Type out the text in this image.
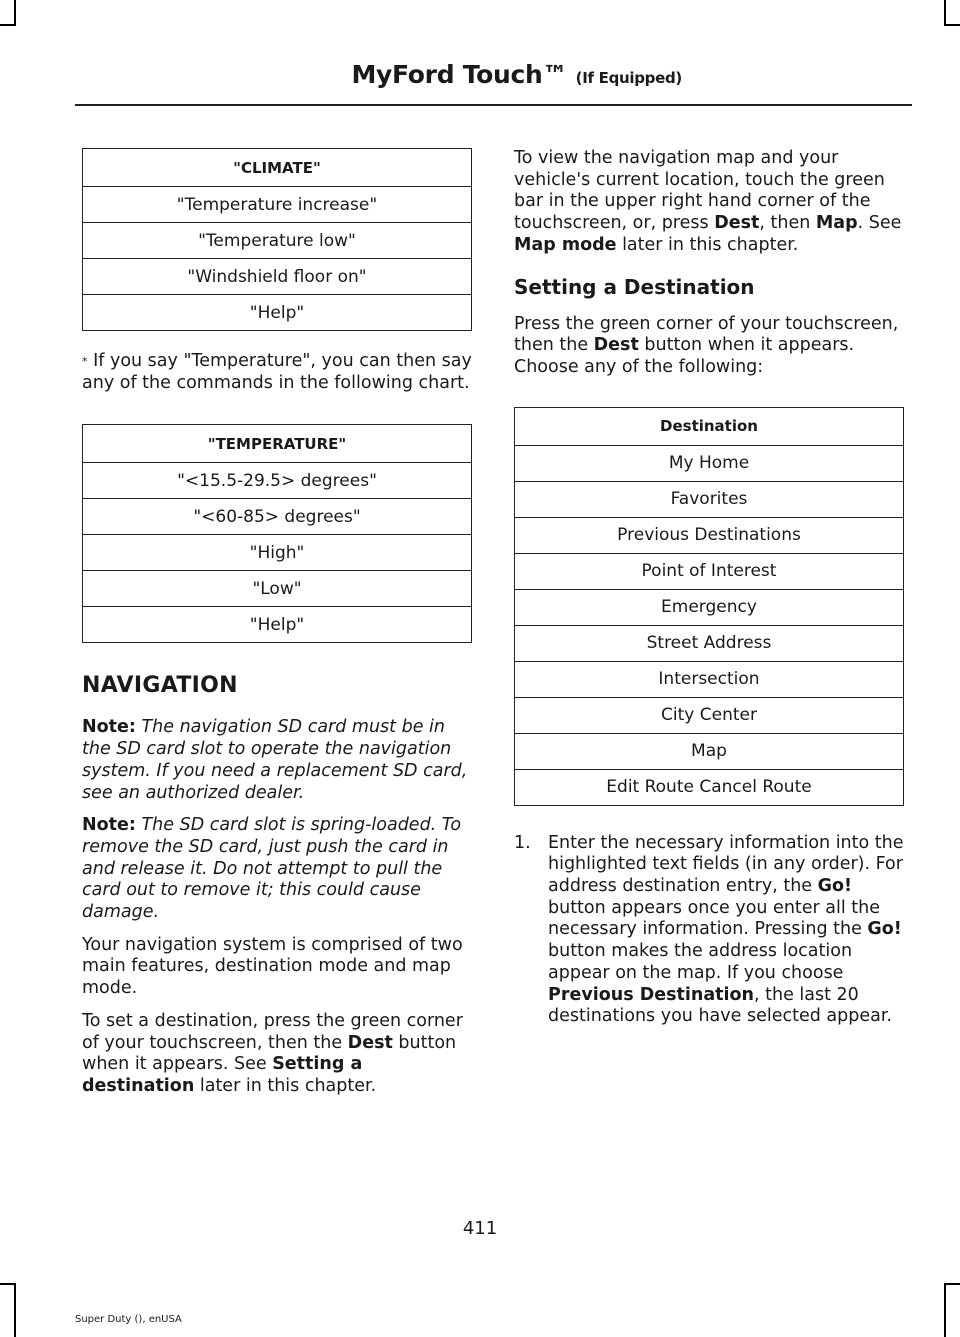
MyFord Touch™ (If Equipped)
"CLIMATE"
"Temperature increase"
"Temperature low"
"Windshield floor on"
"Help"

* If you say "Temperature", you can then say any of the commands in the following chart.

"TEMPERATURE"
"<15.5-29.5> degrees"
"<60-85> degrees"
"High"
"Low"
"Help"
NAVIGATION

Note: The navigation SD card must be in the SD card slot to operate the navigation system. If you need a replacement SD card, see an authorized dealer.

Note: The SD card slot is spring-loaded. To remove the SD card, just push the card in and release it. Do not attempt to pull the card out to remove it; this could cause damage.

Your navigation system is comprised of two main features, destination mode and map mode.

To set a destination, press the green corner of your touchscreen, then the Dest button when it appears. See Setting a destination later in this chapter.

To view the navigation map and your vehicle's current location, touch the green bar in the upper right hand corner of the touchscreen, or, press Dest, then Map. See Map mode later in this chapter.

Setting a Destination

Press the green corner of your touchscreen, then the Dest button when it appears. Choose any of the following:

Destination
My Home
Favorites
Previous Destinations
Point of Interest
Emergency
Street Address
Intersection
City Center
Map
Edit Route Cancel Route
1. Enter the necessary information into the highlighted text fields (in any order). For address destination entry, the Go! button appears once you enter all the necessary information. Pressing the Go! button makes the address location appear on the map. If you choose Previous Destination, the last 20 destinations you have selected appear.
411
Super Duty (), enUSA
